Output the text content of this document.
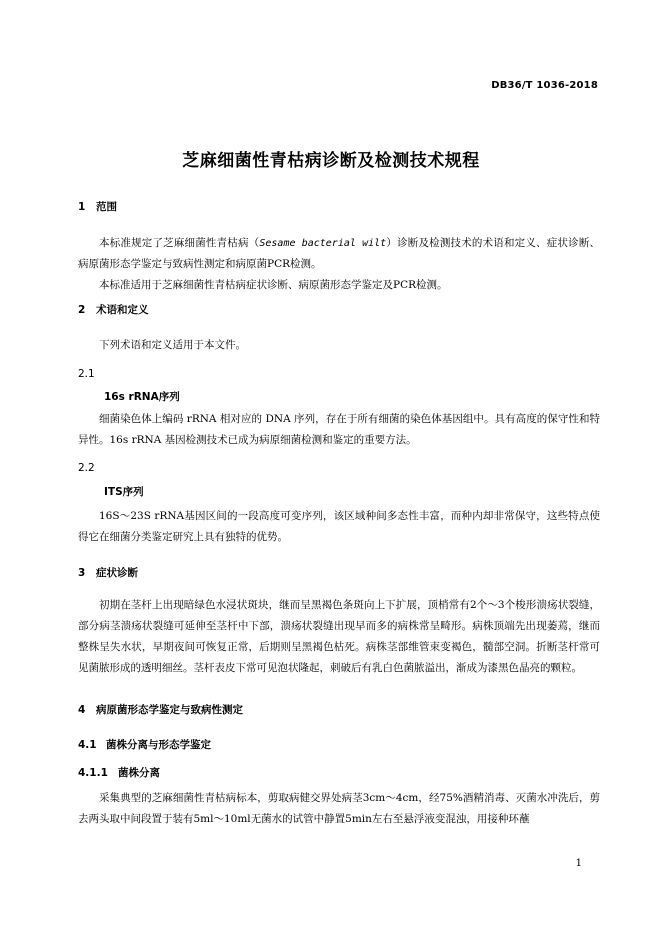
DB36/T 1036-2018
芝麻细菌性青枯病诊断及检测技术规程
1 范围

本标准规定了芝麻细菌性青枯病（Sesame bacterial wilt）诊断及检测技术的术语和定义、症状诊断、病原菌形态学鉴定与致病性测定和病原菌PCR检测。

本标准适用于芝麻细菌性青枯病症状诊断、病原菌形态学鉴定及PCR检测。

2 术语和定义

下列术语和定义适用于本文件。

2.1
16s rRNA序列

细菌染色体上编码 rRNA 相对应的 DNA 序列，存在于所有细菌的染色体基因组中。具有高度的保守性和特异性。16s rRNA 基因检测技术已成为病原细菌检测和鉴定的重要方法。

2.2
ITS序列

16S～23S rRNA基因区间的一段高度可变序列，该区域种间多态性丰富，而种内却非常保守，这些特点使得它在细菌分类鉴定研究上具有独特的优势。

3 症状诊断

初期在茎杆上出现暗绿色水浸状斑块，继而呈黑褐色条斑向上下扩展，顶梢常有2个～3个梭形溃疡状裂缝，部分病茎溃疡状裂缝可延伸至茎杆中下部，溃疡状裂缝出现早而多的病株常呈畸形。病株顶端先出现萎蔫，继而整株呈失水状，早期夜间可恢复正常，后期则呈黑褐色枯死。病株茎部维管束变褐色，髓部空洞。折断茎杆常可见菌脓形成的透明细丝。茎杆表皮下常可见泡状隆起，刺破后有乳白色菌脓溢出，渐成为漆黑色晶亮的颗粒。

4 病原菌形态学鉴定与致病性测定
4.1 菌株分离与形态学鉴定
4.1.1 菌株分离

采集典型的芝麻细菌性青枯病标本，剪取病健交界处病茎3cm～4cm，经75%酒精消毒、灭菌水冲洗后，剪去两头取中间段置于装有5ml～10ml无菌水的试管中静置5min左右至悬浮液变混浊，用接种环蘸

1
